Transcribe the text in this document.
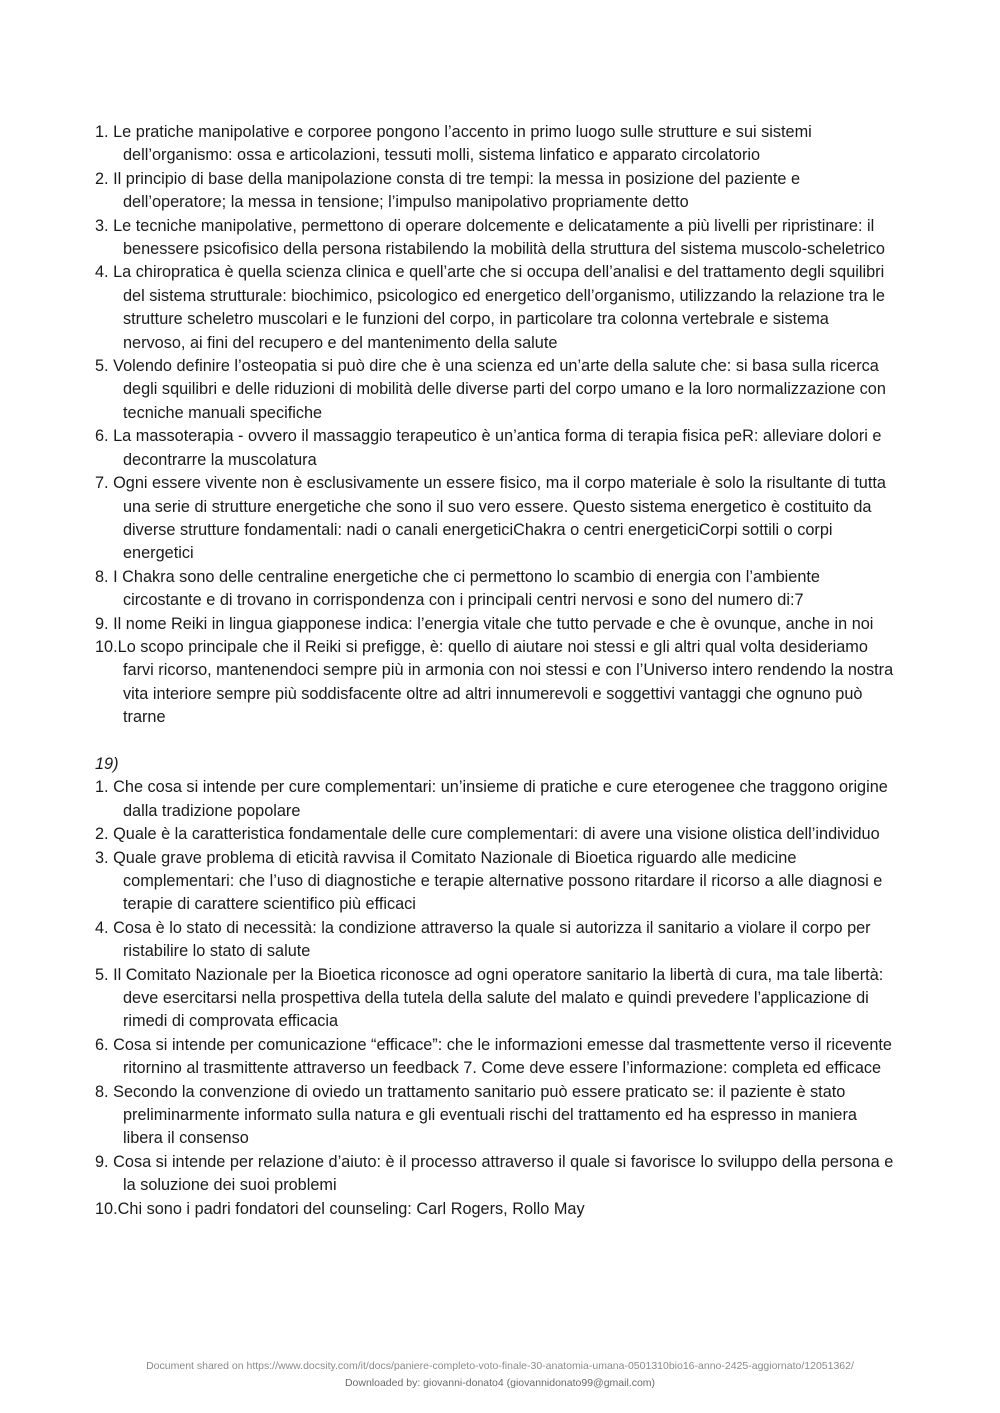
1. Le pratiche manipolative e corporee pongono l’accento in primo luogo sulle strutture e sui sistemi dell’organismo: ossa e articolazioni, tessuti molli, sistema linfatico e apparato circolatorio
2. Il principio di base della manipolazione consta di tre tempi: la messa in posizione del paziente e dell’operatore; la messa in tensione; l’impulso manipolativo propriamente detto
3. Le tecniche manipolative, permettono di operare dolcemente e delicatamente a più livelli per ripristinare: il benessere psicofisico della persona ristabilendo la mobilità della struttura del sistema muscolo-scheletrico
4. La chiropratica è quella scienza clinica e quell’arte che si occupa dell’analisi e del trattamento degli squilibri del sistema strutturale: biochimico, psicologico ed energetico dell’organismo, utilizzando la relazione tra le strutture scheletro muscolari e le funzioni del corpo, in particolare tra colonna vertebrale e sistema nervoso, ai fini del recupero e del mantenimento della salute
5. Volendo definire l’osteopatia si può dire che è una scienza ed un’arte della salute che: si basa sulla ricerca degli squilibri e delle riduzioni di mobilità delle diverse parti del corpo umano e la loro normalizzazione con tecniche manuali specifiche
6. La massoterapia - ovvero il massaggio terapeutico è un’antica forma di terapia fisica peR: alleviare dolori e decontrarre la muscolatura
7. Ogni essere vivente non è esclusivamente un essere fisico, ma il corpo materiale è solo la risultante di tutta una serie di strutture energetiche che sono il suo vero essere. Questo sistema energetico è costituito da diverse strutture fondamentali: nadi o canali energeticiChakra o centri energeticiCorpi sottili o corpi energetici
8. I Chakra sono delle centraline energetiche che ci permettono lo scambio di energia con l’ambiente circostante e di trovano in corrispondenza con i principali centri nervosi e sono del numero di:7
9. Il nome Reiki in lingua giapponese indica: l’energia vitale che tutto pervade e che è ovunque, anche in noi
10.Lo scopo principale che il Reiki si prefigge, è: quello di aiutare noi stessi e gli altri qual volta desideriamo farvi ricorso, mantenendoci sempre più in armonia con noi stessi e con l’Universo intero rendendo la nostra vita interiore sempre più soddisfacente oltre ad altri innumerevoli e soggettivi vantaggi che ognuno può trarne
19)
1. Che cosa si intende per cure complementari: un’insieme di pratiche e cure eterogenee che traggono origine dalla tradizione popolare
2. Quale è la caratteristica fondamentale delle cure complementari: di avere una visione olistica dell’individuo
3. Quale grave problema di eticità ravvisa il Comitato Nazionale di Bioetica riguardo alle medicine complementari: che l’uso di diagnostiche e terapie alternative possono ritardare il ricorso a alle diagnosi e terapie di carattere scientifico più efficaci
4. Cosa è lo stato di necessità: la condizione attraverso la quale si autorizza il sanitario a violare il corpo per ristabilire lo stato di salute
5. Il Comitato Nazionale per la Bioetica riconosce ad ogni operatore sanitario la libertà di cura, ma tale libertà: deve esercitarsi nella prospettiva della tutela della salute del malato e quindi prevedere l’applicazione di rimedi di comprovata efficacia
6. Cosa si intende per comunicazione “efficace”: che le informazioni emesse dal trasmettente verso il ricevente ritornino al trasmittente attraverso un feedback 7. Come deve essere l’informazione: completa ed efficace
8. Secondo la convenzione di oviedo un trattamento sanitario può essere praticato se: il paziente è stato preliminarmente informato sulla natura e gli eventuali rischi del trattamento ed ha espresso in maniera libera il consenso
9. Cosa si intende per relazione d’aiuto: è il processo attraverso il quale si favorisce lo sviluppo della persona e la soluzione dei suoi problemi
10.Chi sono i padri fondatori del counseling: Carl Rogers, Rollo May
Document shared on https://www.docsity.com/it/docs/paniere-completo-voto-finale-30-anatomia-umana-0501310bio16-anno-2425-aggiornato/12051362/
Downloaded by: giovanni-donato4 (giovannidonato99@gmail.com)
